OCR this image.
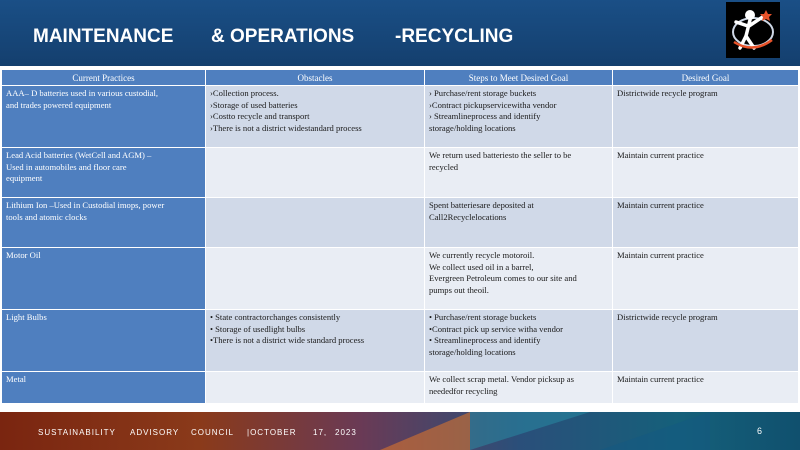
MAINTENANCE & OPERATIONS -RECYCLING
Current Practices	Obstacles	Steps to Meet Desired Goal	Desired Goal

AAA– D batteries used in various custodial,
and trades powered equipment	›Collection process.
›Storage of used batteries
›Costto recycle and transport
›There is not a district widestandard process	› Purchase/rent storage buckets
›Contract pickupservicewitha vendor
› Streamlineprocess and identify
storage/holding locations	Districtwide recycle program

Lead Acid batteries (WetCell and AGM) –
Used in automobiles and floor care
equipment		We return used batteriesto the seller to be
recycled	Maintain current practice

Lithium Ion –Used in Custodial imops, power
tools and atomic clocks		Spent batteriesare deposited at
Call2Recyclelocations	Maintain current practice

Motor Oil		We currently recycle motoroil.
We collect used oil in a barrel,
Evergreen Petroleum comes to our site and
pumps out theoil.	Maintain current practice

Light Bulbs	• State contractorchanges consistently
• Storage of usedlight bulbs
•There is not a district wide standard process	• Purchase/rent storage buckets
•Contract pick up service witha vendor
• Streamlineprocess and identify
storage/holding locations	Districtwide recycle program

Metal		We collect scrap metal. Vendor picksup as
neededfor recycling	Maintain current practice
SUSTAINABILITY ADVISORY COUNCIL |OCTOBER 17, 2023	6
